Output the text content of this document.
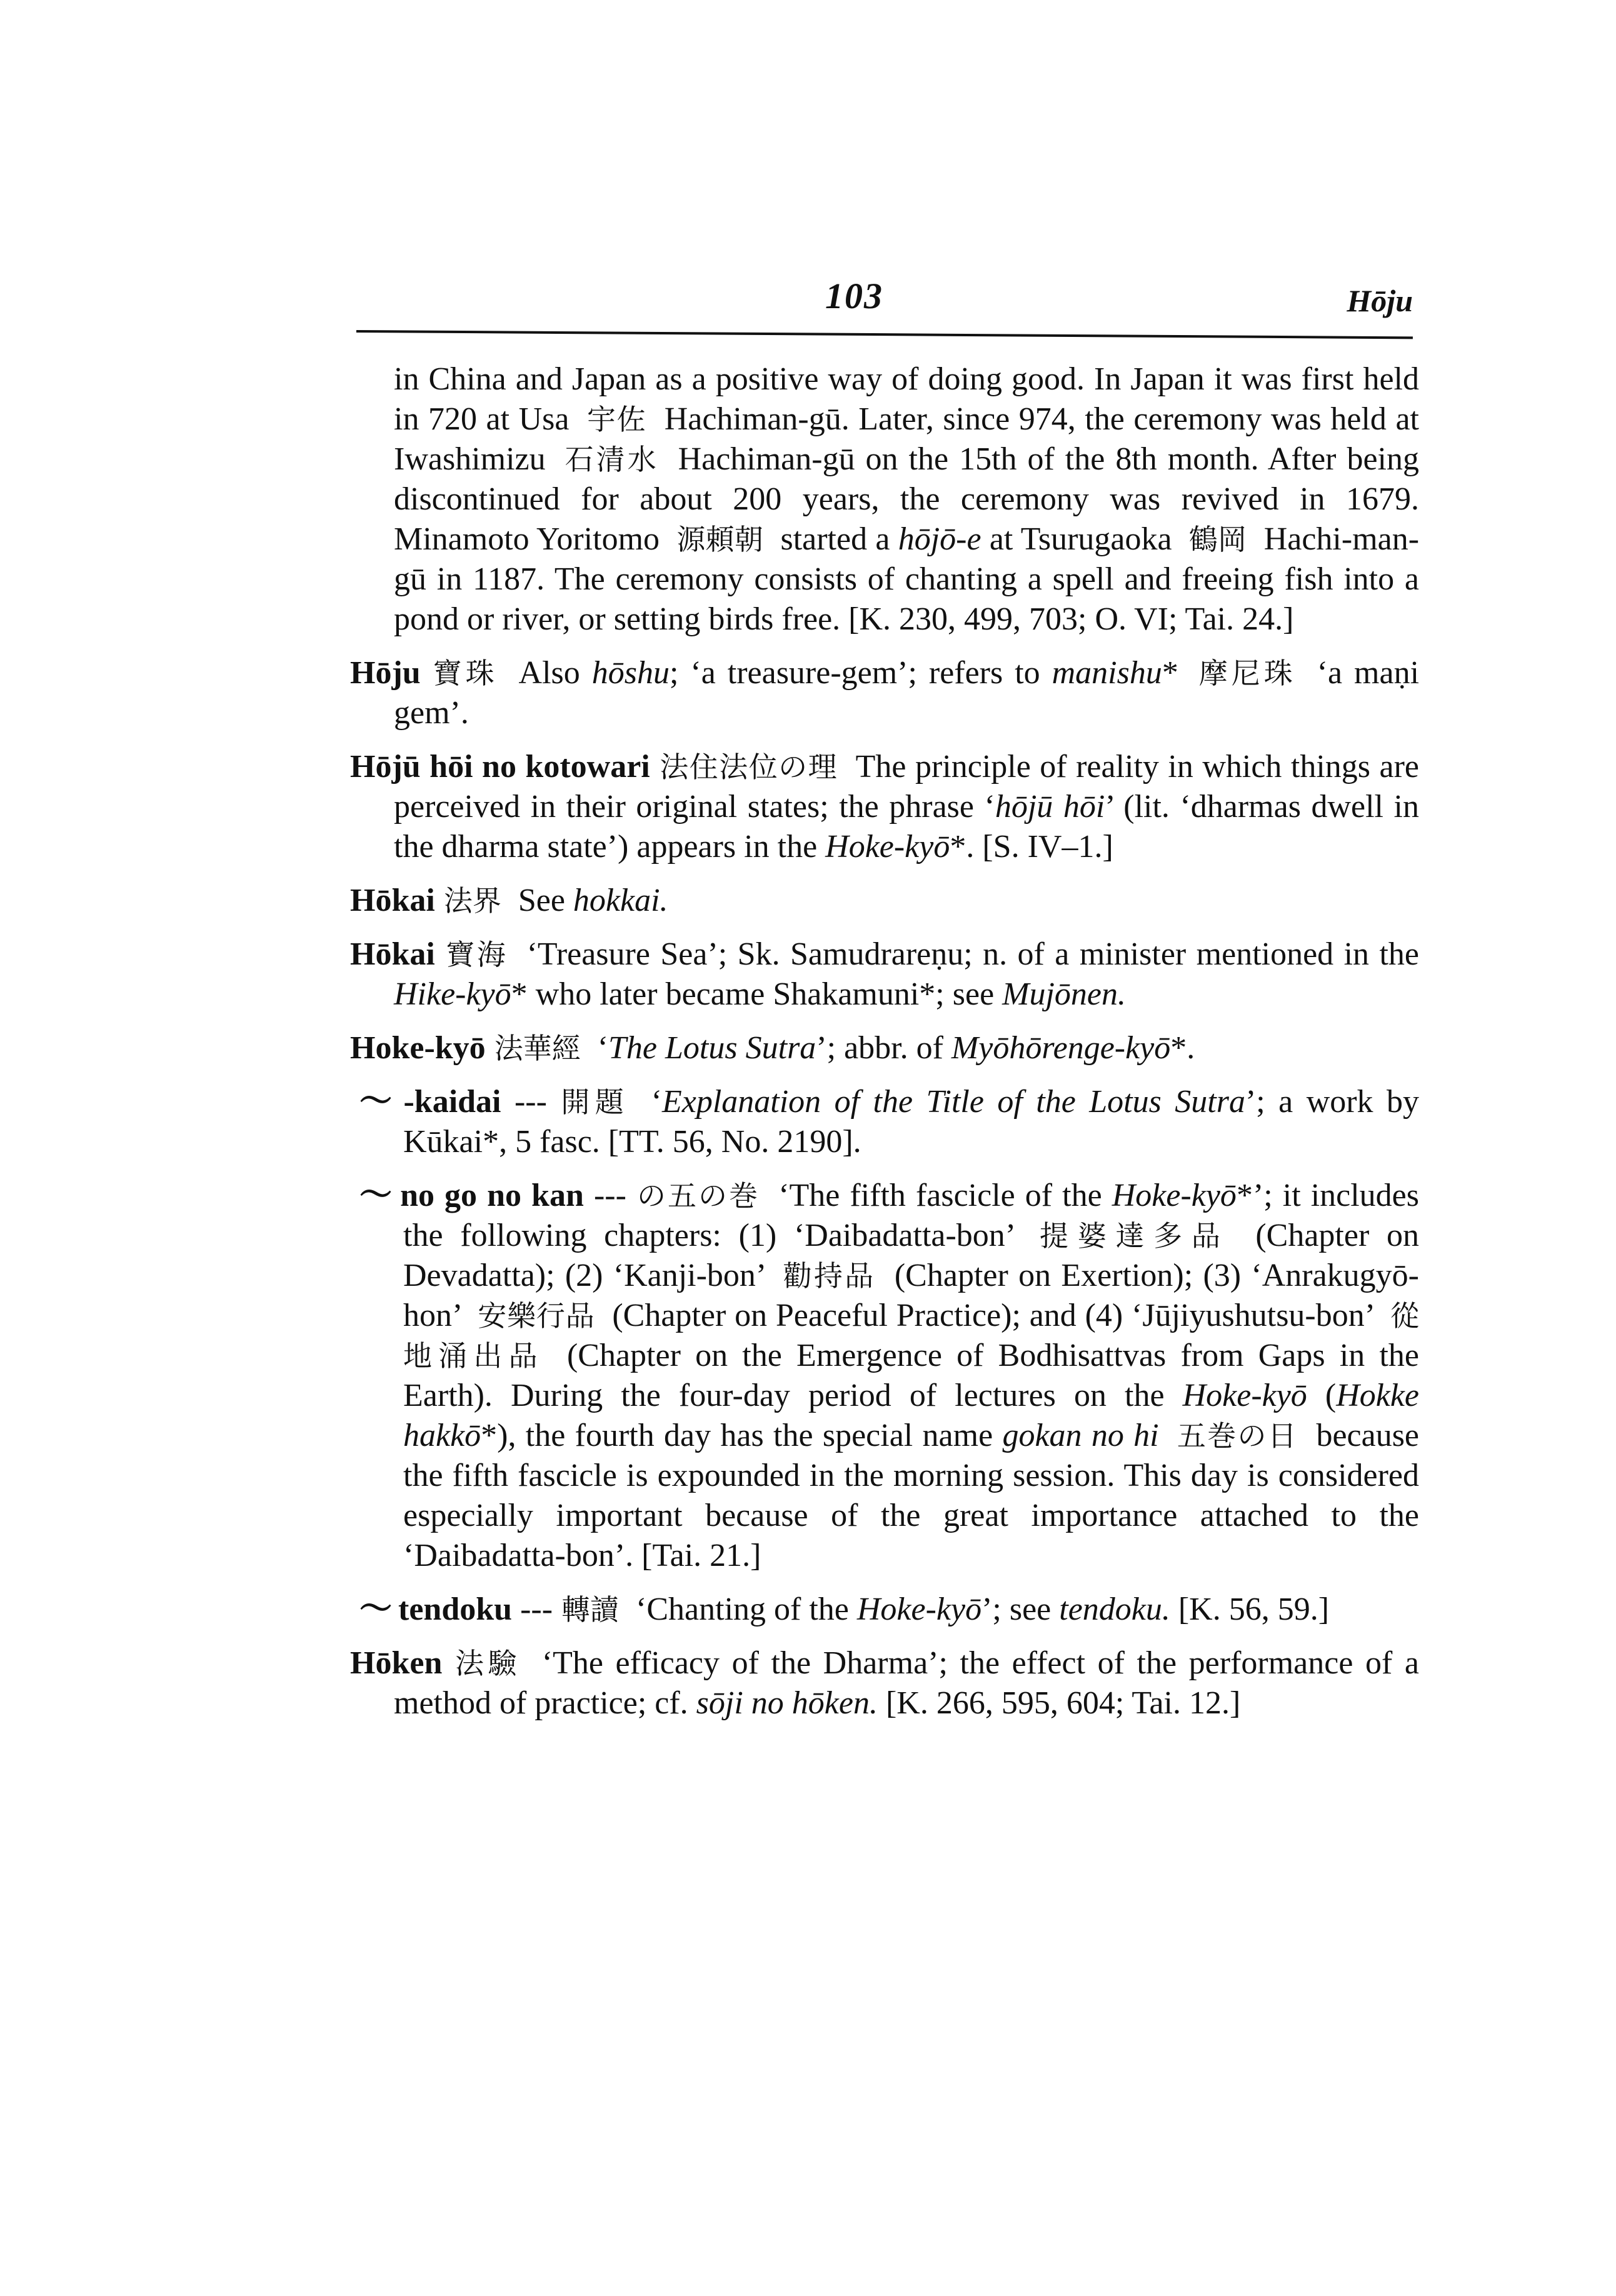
103	Hōju

in China and Japan as a positive way of doing good. In Japan it was first held in 720 at Usa 宇佐 Hachiman-gū. Later, since 974, the ceremony was held at Iwashimizu 石清水 Hachiman-gū on the 15th of the 8th month. After being discontinued for about 200 years, the ceremony was revived in 1679. Minamoto Yoritomo 源頼朝 started a hōjō-e at Tsurugaoka 鶴岡 Hachi-man-gū in 1187. The ceremony consists of chanting a spell and freeing fish into a pond or river, or setting birds free. [K. 230, 499, 703; O. VI; Tai. 24.]

Hōju 寶珠 Also hōshu; ‘a treasure-gem’; refers to manishu* 摩尼珠 ‘a maṇi gem’.

Hōjū hōi no kotowari 法住法位の理 The principle of reality in which things are perceived in their original states; the phrase ‘hōjū hōi’ (lit. ‘dharmas dwell in the dharma state’) appears in the Hoke-kyō*. [S. IV–1.]

Hōkai 法界 See hokkai.

Hōkai 寶海 ‘Treasure Sea’; Sk. Samudrareṇu; n. of a minister mentioned in the Hike-kyō* who later became Shakamuni*; see Mujōnen.

Hoke-kyō 法華經 ‘The Lotus Sutra’; abbr. of Myōhōrenge-kyō*.

～ -kaidai --- 開題 ‘Explanation of the Title of the Lotus Sutra’; a work by Kūkai*, 5 fasc. [TT. 56, No. 2190].

～ no go no kan --- の五の巻 ‘The fifth fascicle of the Hoke-kyō*’; it includes the following chapters: (1) ‘Daibadatta-bon’ 提婆達多品 (Chapter on Devadatta); (2) ‘Kanji-bon’ 勸持品 (Chapter on Exertion); (3) ‘Anrakugyō-hon’ 安樂行品 (Chapter on Peaceful Practice); and (4) ‘Jūjiyushutsu-bon’ 從地涌出品 (Chapter on the Emergence of Bodhisattvas from Gaps in the Earth). During the four-day period of lectures on the Hoke-kyō (Hokke hakkō*), the fourth day has the special name gokan no hi 五巻の日 because the fifth fascicle is expounded in the morning session. This day is considered especially important because of the great importance attached to the ‘Daibadatta-bon’. [Tai. 21.]

～ tendoku --- 轉讀 ‘Chanting of the Hoke-kyō’; see tendoku. [K. 56, 59.]

Hōken 法驗 ‘The efficacy of the Dharma’; the effect of the performance of a method of practice; cf. sōji no hōken. [K. 266, 595, 604; Tai. 12.]
